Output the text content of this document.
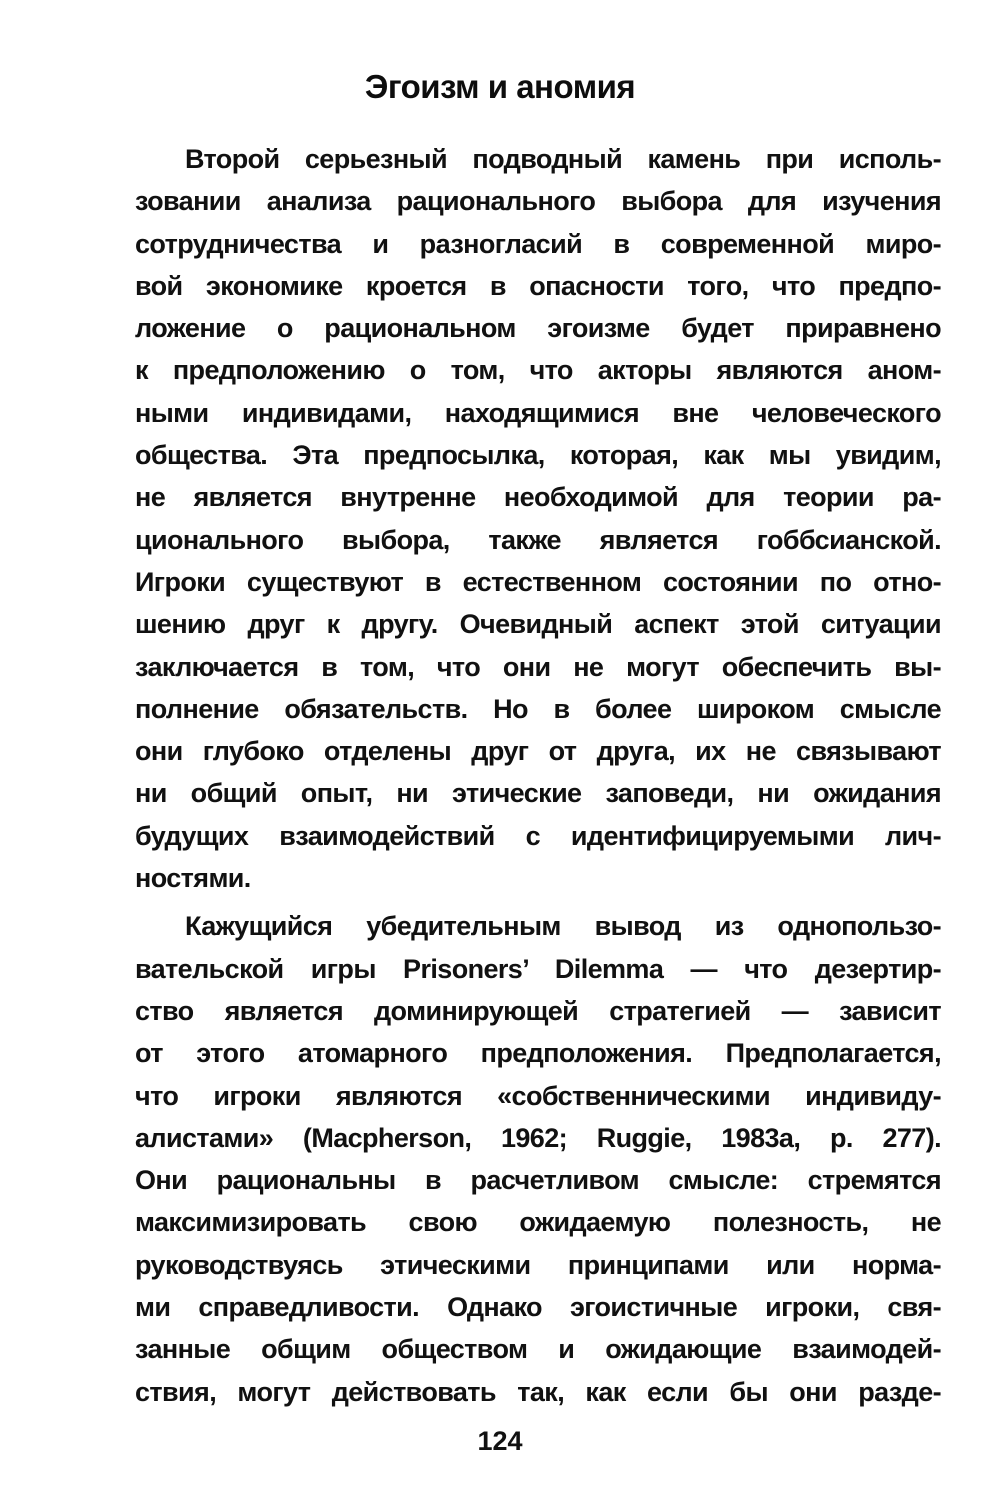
Эгоизм и аномия
Второй серьезный подводный камень при исполь-
зовании анализа рационального выбора для изучения
сотрудничества и разногласий в современной миро-
вой экономике кроется в опасности того, что предпо-
ложение о рациональном эгоизме будет приравнено
к предположению о том, что акторы являются аном-
ными индивидами, находящимися вне человеческого
общества. Эта предпосылка, которая, как мы увидим,
не является внутренне необходимой для теории ра-
ционального выбора, также является гоббсианской.
Игроки существуют в естественном состоянии по отно-
шению друг к другу. Очевидный аспект этой ситуации
заключается в том, что они не могут обеспечить вы-
полнение обязательств. Но в более широком смысле
они глубоко отделены друг от друга, их не связывают
ни общий опыт, ни этические заповеди, ни ожидания
будущих взаимодействий с идентифицируемыми лич-
ностями.
Кажущийся убедительным вывод из однопользо-
вательской игры Prisoners’ Dilemma — что дезертир-
ство является доминирующей стратегией — зависит
от этого атомарного предположения. Предполагается,
что игроки являются «собственническими индивиду-
алистами» (Macpherson, 1962; Ruggie, 1983a, p. 277).
Они рациональны в расчетливом смысле: стремятся
максимизировать свою ожидаемую полезность, не
руководствуясь этическими принципами или норма-
ми справедливости. Однако эгоистичные игроки, свя-
занные общим обществом и ожидающие взаимодей-
ствия, могут действовать так, как если бы они разде-
124
